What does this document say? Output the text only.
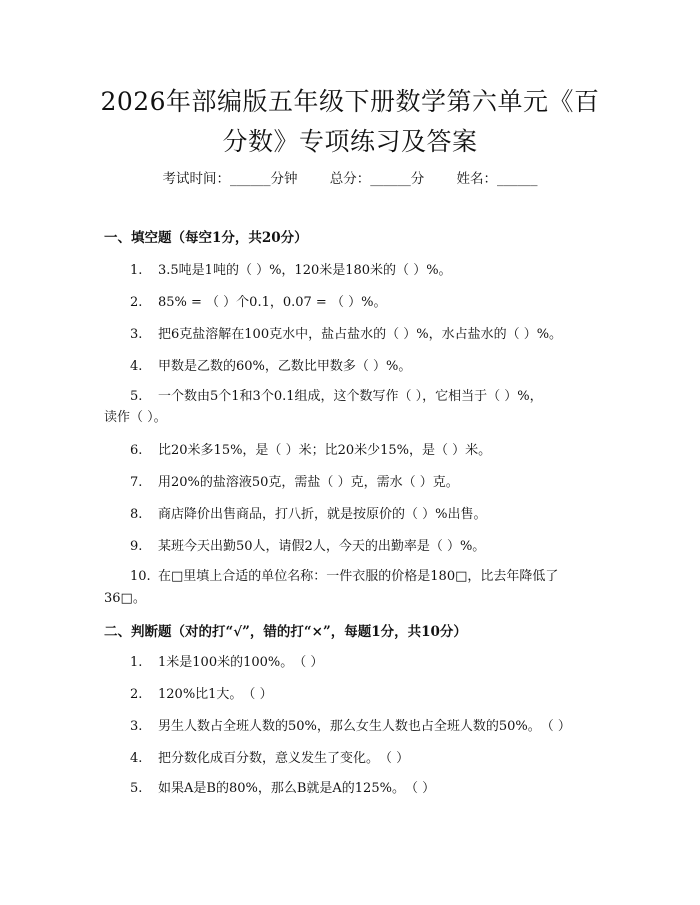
2026年部编版五年级下册数学第六单元《百
分数》专项练习及答案
考试时间：______分钟 总分：______分 姓名：______
一、填空题（每空1分，共20分）
1. 3.5吨是1吨的（ ）%，120米是180米的（ ）%。
2. 85% = （ ）个0.1，0.07 = （ ）%。
3. 把6克盐溶解在100克水中，盐占盐水的（ ）%，水占盐水的（ ）%。
4. 甲数是乙数的60%，乙数比甲数多（ ）%。
5. 一个数由5个1和3个0.1组成，这个数写作（ ），它相当于（ ）%，
读作（ ）。
6. 比20米多15%，是（ ）米；比20米少15%，是（ ）米。
7. 用20%的盐溶液50克，需盐（ ）克，需水（ ）克。
8. 商店降价出售商品，打八折，就是按原价的（ ）%出售。
9. 某班今天出勤50人，请假2人，今天的出勤率是（ ）%。
10. 在□里填上合适的单位名称：一件衣服的价格是180□，比去年降低了
36□。
二、判断题（对的打“√”，错的打“×”，每题1分，共10分）
1. 1米是100米的100%。　（ ）
2. 120%比1大。　（ ）
3. 男生人数占全班人数的50%，那么女生人数也占全班人数的50%。　（ ）
4. 把分数化成百分数，意义发生了变化。　（ ）
5. 如果A是B的80%，那么B就是A的125%。　（ ）
